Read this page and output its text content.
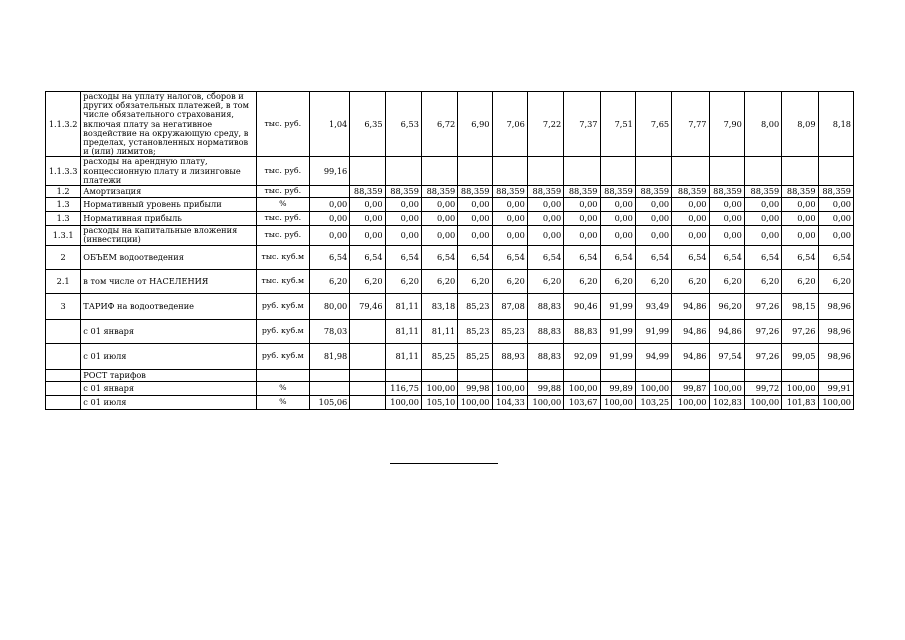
1.1.3.2	расходы на уплату налогов, сборов и других обязательных платежей, в том числе обязательного страхования, включая плату за негативное воздействие на окружающую среду, в пределах, установленных нормативов и (или) лимитов;	тыс. руб.	1,04	6,35	6,53	6,72	6,90	7,06	7,22	7,37	7,51	7,65	7,77	7,90	8,00	8,09	8,18
1.1.3.3	расходы на арендную плату, концессионную плату и лизинговые платежи	тыс. руб.	99,16														
1.2	Амортизация	тыс. руб.		88,359	88,359	88,359	88,359	88,359	88,359	88,359	88,359	88,359	88,359	88,359	88,359	88,359	88,359
1.3	Нормативный уровень прибыли	%	0,00	0,00	0,00	0,00	0,00	0,00	0,00	0,00	0,00	0,00	0,00	0,00	0,00	0,00	0,00
1.3	Нормативная прибыль	тыс. руб.	0,00	0,00	0,00	0,00	0,00	0,00	0,00	0,00	0,00	0,00	0,00	0,00	0,00	0,00	0,00
1.3.1	расходы на капитальные вложения (инвестиции)	тыс. руб.	0,00	0,00	0,00	0,00	0,00	0,00	0,00	0,00	0,00	0,00	0,00	0,00	0,00	0,00	0,00
2	ОБЪЕМ водоотведения	тыс. куб.м	6,54	6,54	6,54	6,54	6,54	6,54	6,54	6,54	6,54	6,54	6,54	6,54	6,54	6,54	6,54
2.1	в том числе от НАСЕЛЕНИЯ	тыс. куб.м	6,20	6,20	6,20	6,20	6,20	6,20	6,20	6,20	6,20	6,20	6,20	6,20	6,20	6,20	6,20
3	ТАРИФ на водоотведение	руб. куб.м	80,00	79,46	81,11	83,18	85,23	87,08	88,83	90,46	91,99	93,49	94,86	96,20	97,26	98,15	98,96
	с 01 января	руб. куб.м	78,03		81,11	81,11	85,23	85,23	88,83	88,83	91,99	91,99	94,86	94,86	97,26	97,26	98,96
	с 01 июля	руб. куб.м	81,98		81,11	85,25	85,25	88,93	88,83	92,09	91,99	94,99	94,86	97,54	97,26	99,05	98,96
	РОСТ тарифов																
	с 01 января	%			116,75	100,00	99,98	100,00	99,88	100,00	99,89	100,00	99,87	100,00	99,72	100,00	99,91
	с 01 июля	%	105,06		100,00	105,10	100,00	104,33	100,00	103,67	100,00	103,25	100,00	102,83	100,00	101,83	100,00
